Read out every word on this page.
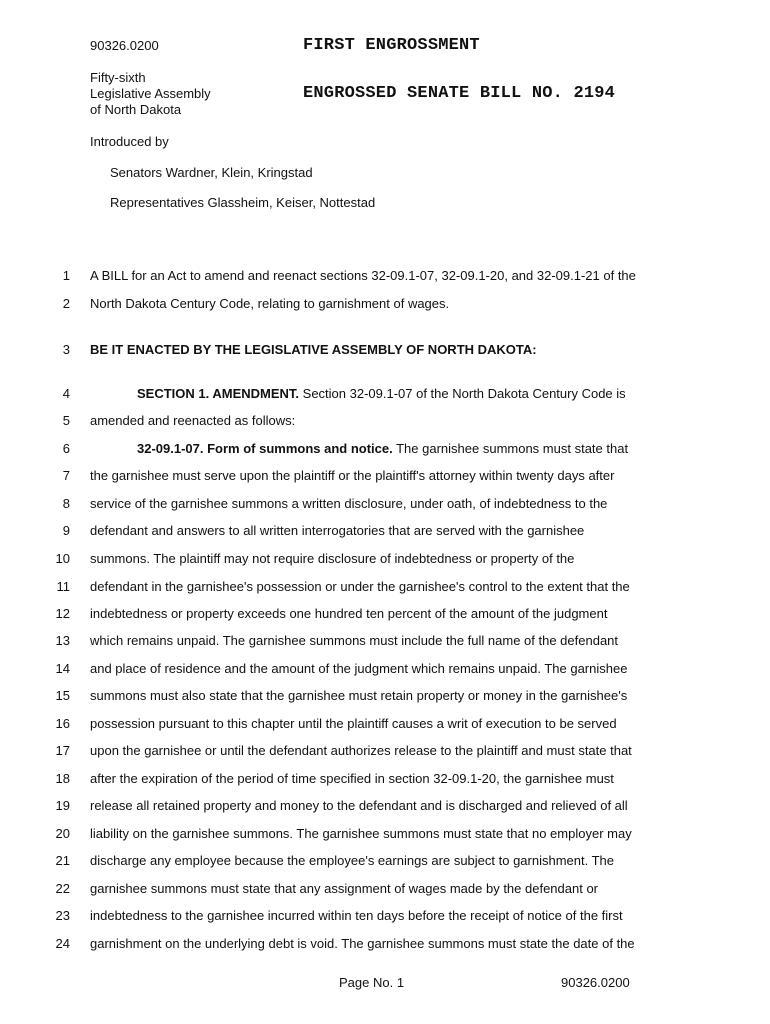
90326.0200	FIRST ENGROSSMENT
Fifty-sixth
Legislative Assembly
of North Dakota
ENGROSSED SENATE BILL NO. 2194
Introduced by
Senators Wardner, Klein, Kringstad
Representatives Glassheim, Keiser, Nottestad
1 A BILL for an Act to amend and reenact sections 32-09.1-07, 32-09.1-20, and 32-09.1-21 of the
2 North Dakota Century Code, relating to garnishment of wages.
3 BE IT ENACTED BY THE LEGISLATIVE ASSEMBLY OF NORTH DAKOTA:
4	SECTION 1. AMENDMENT. Section 32-09.1-07 of the North Dakota Century Code is
5 amended and reenacted as follows:
6	32-09.1-07. Form of summons and notice. The garnishee summons must state that
7 the garnishee must serve upon the plaintiff or the plaintiff's attorney within twenty days after
8 service of the garnishee summons a written disclosure, under oath, of indebtedness to the
9 defendant and answers to all written interrogatories that are served with the garnishee
10 summons. The plaintiff may not require disclosure of indebtedness or property of the
11 defendant in the garnishee's possession or under the garnishee's control to the extent that the
12 indebtedness or property exceeds one hundred ten percent of the amount of the judgment
13 which remains unpaid. The garnishee summons must include the full name of the defendant
14 and place of residence and the amount of the judgment which remains unpaid. The garnishee
15 summons must also state that the garnishee must retain property or money in the garnishee's
16 possession pursuant to this chapter until the plaintiff causes a writ of execution to be served
17 upon the garnishee or until the defendant authorizes release to the plaintiff and must state that
18 after the expiration of the period of time specified in section 32-09.1-20, the garnishee must
19 release all retained property and money to the defendant and is discharged and relieved of all
20 liability on the garnishee summons. The garnishee summons must state that no employer may
21 discharge any employee because the employee's earnings are subject to garnishment. The
22 garnishee summons must state that any assignment of wages made by the defendant or
23 indebtedness to the garnishee incurred within ten days before the receipt of notice of the first
24 garnishment on the underlying debt is void. The garnishee summons must state the date of the
Page No. 1	90326.0200
